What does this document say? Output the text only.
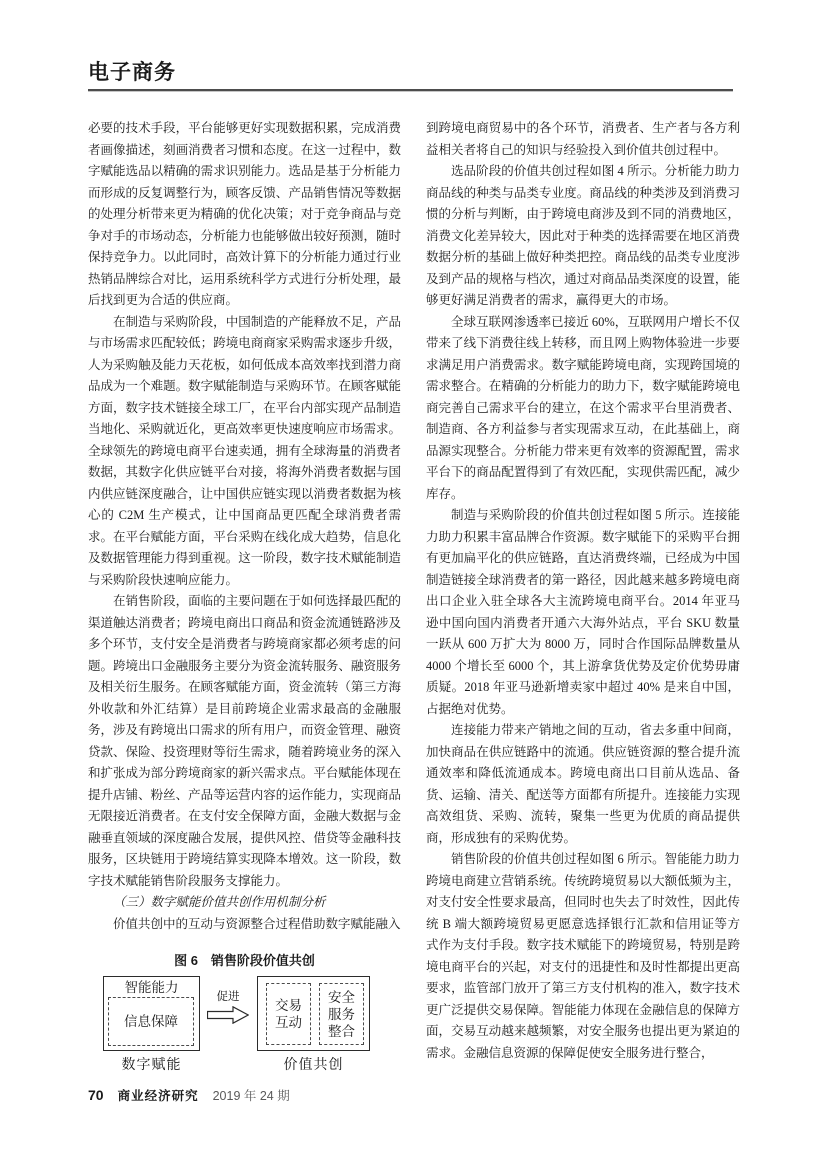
电子商务

必要的技术手段，平台能够更好实现数据积累，完成消费者画像描述，刻画消费者习惯和态度。在这一过程中，数字赋能选品以精确的需求识别能力。选品是基于分析能力而形成的反复调整行为，顾客反馈、产品销售情况等数据的处理分析带来更为精确的优化决策；对于竞争商品与竞争对手的市场动态，分析能力也能够做出较好预测，随时保持竞争力。以此同时，高效计算下的分析能力通过行业热销品牌综合对比，运用系统科学方式进行分析处理，最后找到更为合适的供应商。

在制造与采购阶段，中国制造的产能释放不足，产品与市场需求匹配较低；跨境电商商家采购需求逐步升级，人为采购触及能力天花板，如何低成本高效率找到潜力商品成为一个难题。数字赋能制造与采购环节。在顾客赋能方面，数字技术链接全球工厂，在平台内部实现产品制造当地化、采购就近化，更高效率更快速度响应市场需求。全球领先的跨境电商平台速卖通，拥有全球海量的消费者数据，其数字化供应链平台对接，将海外消费者数据与国内供应链深度融合，让中国供应链实现以消费者数据为核心的 C2M 生产模式，让中国商品更匹配全球消费者需求。在平台赋能方面，平台采购在线化成大趋势，信息化及数据管理能力得到重视。这一阶段，数字技术赋能制造与采购阶段快速响应能力。

在销售阶段，面临的主要问题在于如何选择最匹配的渠道触达消费者；跨境电商出口商品和资金流通链路涉及多个环节，支付安全是消费者与跨境商家都必须考虑的问题。跨境出口金融服务主要分为资金流转服务、融资服务及相关衍生服务。在顾客赋能方面，资金流转（第三方海外收款和外汇结算）是目前跨境企业需求最高的金融服务，涉及有跨境出口需求的所有用户，而资金管理、融资贷款、保险、投资理财等衍生需求，随着跨境业务的深入和扩张成为部分跨境商家的新兴需求点。平台赋能体现在提升店铺、粉丝、产品等运营内容的运作能力，实现商品无限接近消费者。在支付安全保障方面，金融大数据与金融垂直领域的深度融合发展，提供风控、借贷等金融科技服务，区块链用于跨境结算实现降本增效。这一阶段，数字技术赋能销售阶段服务支撑能力。

（三）数字赋能价值共创作用机制分析

价值共创中的互动与资源整合过程借助数字赋能融入

图 6　销售阶段价值共创
智能能力
信息保障
促进
交易互动
安全服务整合
数字赋能	价值共创

到跨境电商贸易中的各个环节，消费者、生产者与各方利益相关者将自己的知识与经验投入到价值共创过程中。

选品阶段的价值共创过程如图 4 所示。分析能力助力商品线的种类与品类专业度。商品线的种类涉及到消费习惯的分析与判断，由于跨境电商涉及到不同的消费地区，消费文化差异较大，因此对于种类的选择需要在地区消费数据分析的基础上做好种类把控。商品线的品类专业度涉及到产品的规格与档次，通过对商品品类深度的设置，能够更好满足消费者的需求，赢得更大的市场。

全球互联网渗透率已接近 60%，互联网用户增长不仅带来了线下消费往线上转移，而且网上购物体验进一步要求满足用户消费需求。数字赋能跨境电商，实现跨国境的需求整合。在精确的分析能力的助力下，数字赋能跨境电商完善自己需求平台的建立，在这个需求平台里消费者、制造商、各方利益参与者实现需求互动，在此基础上，商品源实现整合。分析能力带来更有效率的资源配置，需求平台下的商品配置得到了有效匹配，实现供需匹配，减少库存。

制造与采购阶段的价值共创过程如图 5 所示。连接能力助力积累丰富品牌合作资源。数字赋能下的采购平台拥有更加扁平化的供应链路，直达消费终端，已经成为中国制造链接全球消费者的第一路径，因此越来越多跨境电商出口企业入驻全球各大主流跨境电商平台。2014 年亚马逊中国向国内消费者开通六大海外站点，平台 SKU 数量一跃从 600 万扩大为 8000 万，同时合作国际品牌数量从 4000 个增长至 6000 个，其上游拿货优势及定价优势毋庸质疑。2018 年亚马逊新增卖家中超过 40% 是来自中国，占据绝对优势。

连接能力带来产销地之间的互动，省去多重中间商，加快商品在供应链路中的流通。供应链资源的整合提升流通效率和降低流通成本。跨境电商出口目前从选品、备货、运输、清关、配送等方面都有所提升。连接能力实现高效组货、采购、流转，聚集一些更为优质的商品提供商，形成独有的采购优势。

销售阶段的价值共创过程如图 6 所示。智能能力助力跨境电商建立营销系统。传统跨境贸易以大额低频为主，对支付安全性要求最高，但同时也失去了时效性，因此传统 B 端大额跨境贸易更愿意选择银行汇款和信用证等方式作为支付手段。数字技术赋能下的跨境贸易，特别是跨境电商平台的兴起，对支付的迅捷性和及时性都提出更高要求，监管部门放开了第三方支付机构的准入，数字技术更广泛提供交易保障。智能能力体现在金融信息的保障方面，交易互动越来越频繁，对安全服务也提出更为紧迫的需求。金融信息资源的保障促使安全服务进行整合，

70 商业经济研究 2019 年 24 期
